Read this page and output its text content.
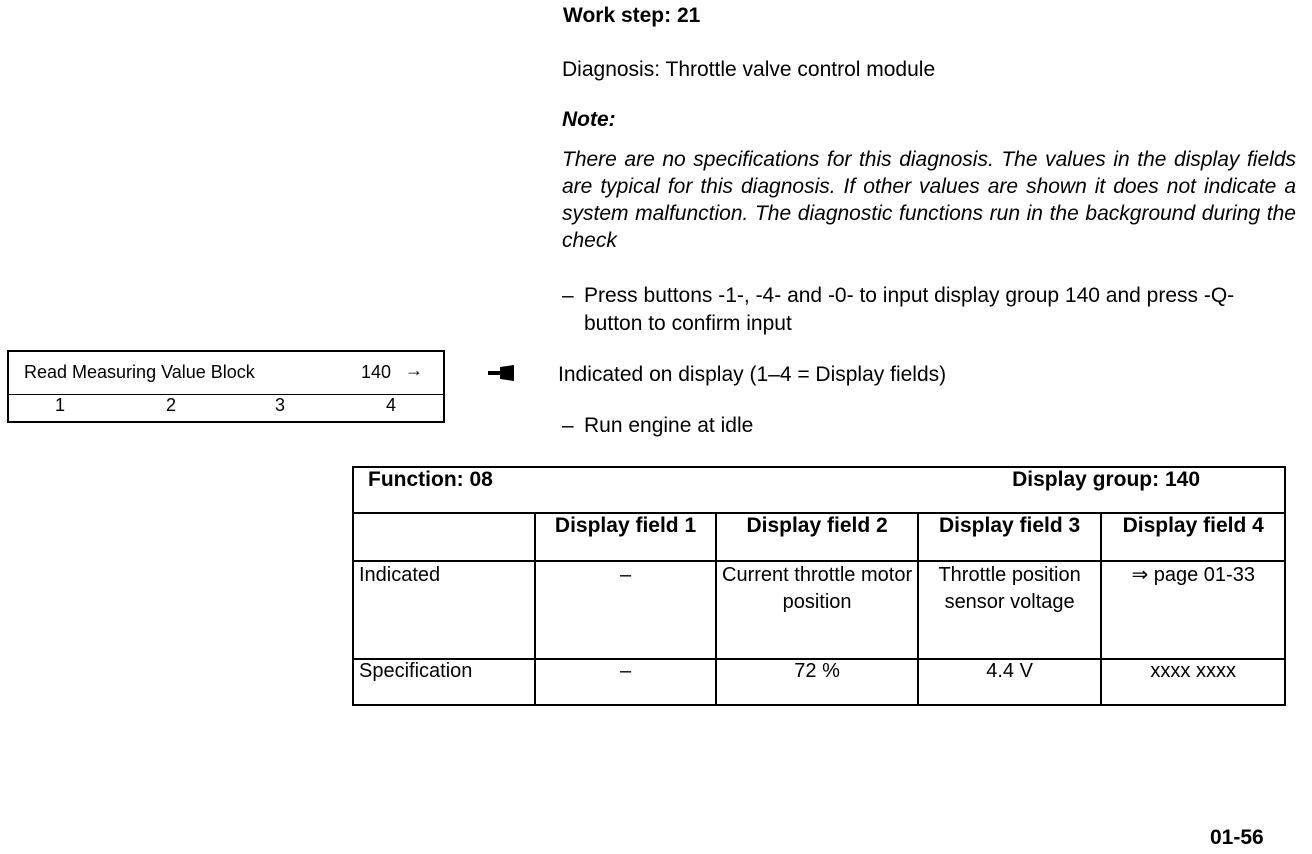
Work step: 21
Diagnosis: Throttle valve control module
Note:
There are no specifications for this diagnosis. The values in the display fields are typical for this diagnosis. If other values are shown it does not indicate a system malfunction. The diagnostic functions run in the background during the check
– Press buttons -1-, -4- and -0- to input display group 140 and press -Q- button to confirm input
Read Measuring Value Block	140 →
1	2	3	4
Indicated on display (1–4 = Display fields)
– Run engine at idle
Function: 08 Display group: 140				

	Display field 1	Display field 2	Display field 3	Display field 4
Indicated	–	Current throttle motor position	Throttle position sensor voltage	⇒ page 01-33
Specification	–	72 %	4.4 V	xxxx xxxx
01-56
